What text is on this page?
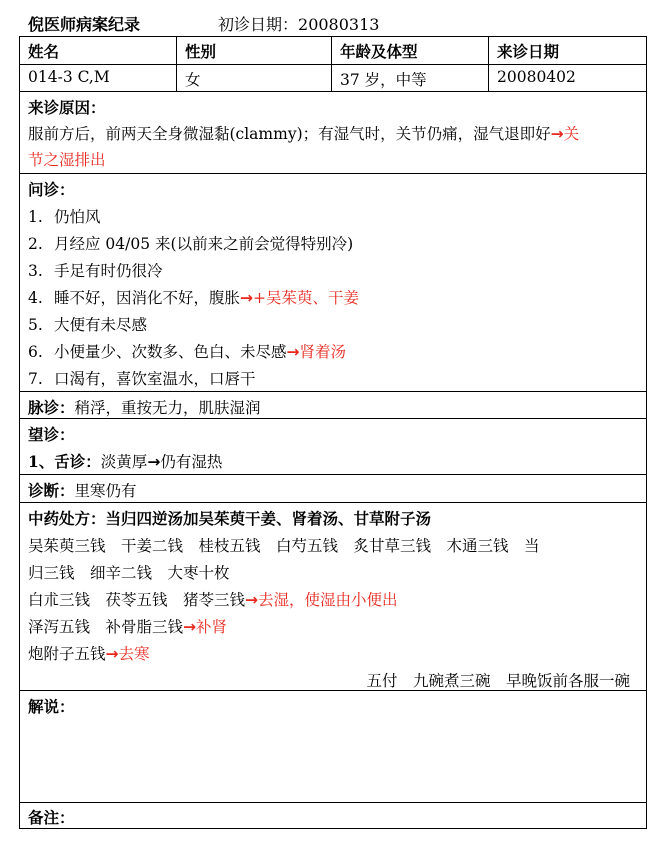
倪医师病案纪录	初诊日期：20080313
姓名	性别	年龄及体型	来诊日期
014-3 C,M	女	37 岁，中等	20080402
来诊原因：
服前方后，前两天全身微湿黏(clammy)；有湿气时，关节仍痛，湿气退即好→关
节之湿排出
问诊：
1. 仍怕风
2. 月经应 04/05 来(以前来之前会觉得特别冷)
3. 手足有时仍很冷
4. 睡不好，因消化不好，腹胀→+吴茱萸、干姜
5. 大便有未尽感
6. 小便量少、次数多、色白、未尽感→肾着汤
7. 口渴有，喜饮室温水，口唇干
脉诊：稍浮，重按无力，肌肤湿润
望诊：
1、舌诊：淡黄厚→仍有湿热
诊断：里寒仍有
中药处方：当归四逆汤加吴茱萸干姜、肾着汤、甘草附子汤
吴茱萸三钱　干姜二钱　桂枝五钱　白芍五钱　炙甘草三钱　木通三钱　当
归三钱　细辛二钱　大枣十枚
白朮三钱　茯苓五钱　猪苓三钱→去湿，使湿由小便出
泽泻五钱　补骨脂三钱→补肾
炮附子五钱→去寒
五付　九碗煮三碗　早晚饭前各服一碗
解说：
备注：
